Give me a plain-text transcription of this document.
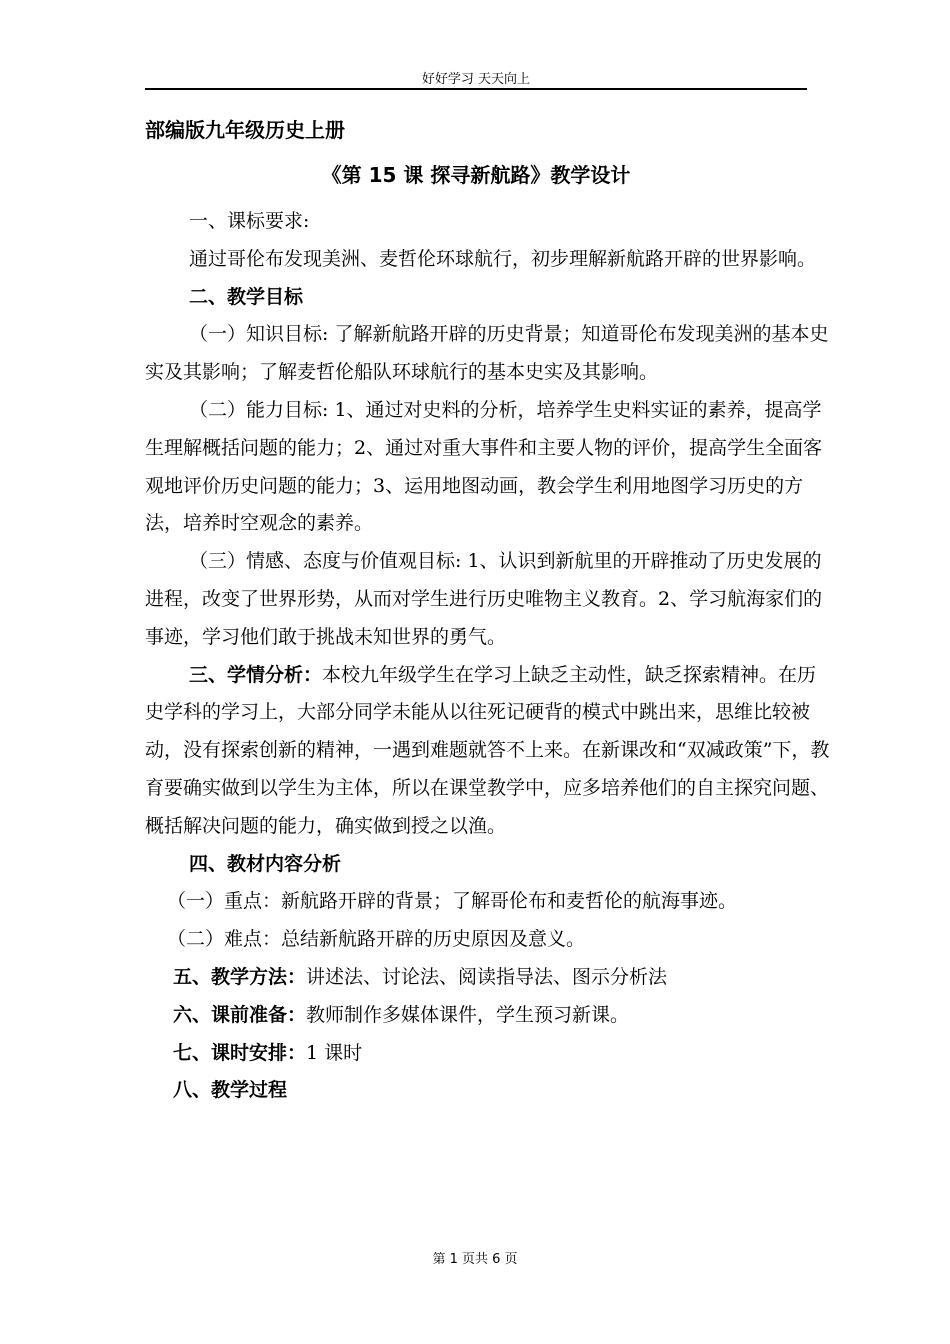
好好学习 天天向上
部编版九年级历史上册
《第 15 课 探寻新航路》教学设计

一、课标要求:

通过哥伦布发现美洲、麦哲伦环球航行，初步理解新航路开辟的世界影响。

二、教学目标

（一）知识目标: 了解新航路开辟的历史背景；知道哥伦布发现美洲的基本史实及其影响；了解麦哲伦船队环球航行的基本史实及其影响。

（二）能力目标: 1、通过对史料的分析，培养学生史料实证的素养，提高学生理解概括问题的能力；2、通过对重大事件和主要人物的评价，提高学生全面客观地评价历史问题的能力；3、运用地图动画，教会学生利用地图学习历史的方法，培养时空观念的素养。

（三）情感、态度与价值观目标: 1、认识到新航里的开辟推动了历史发展的进程，改变了世界形势，从而对学生进行历史唯物主义教育。2、学习航海家们的事迹，学习他们敢于挑战未知世界的勇气。

三、学情分析：本校九年级学生在学习上缺乏主动性，缺乏探索精神。在历史学科的学习上，大部分同学未能从以往死记硬背的模式中跳出来，思维比较被动，没有探索创新的精神，一遇到难题就答不上来。在新课改和“双减政策”下，教育要确实做到以学生为主体，所以在课堂教学中，应多培养他们的自主探究问题、概括解决问题的能力，确实做到授之以渔。

四、教材内容分析

（一）重点：新航路开辟的背景；了解哥伦布和麦哲伦的航海事迹。

（二）难点：总结新航路开辟的历史原因及意义。

五、教学方法：讲述法、讨论法、阅读指导法、图示分析法

六、课前准备：教师制作多媒体课件，学生预习新课。

七、课时安排：1 课时

八、教学过程

第 1 页共 6 页
